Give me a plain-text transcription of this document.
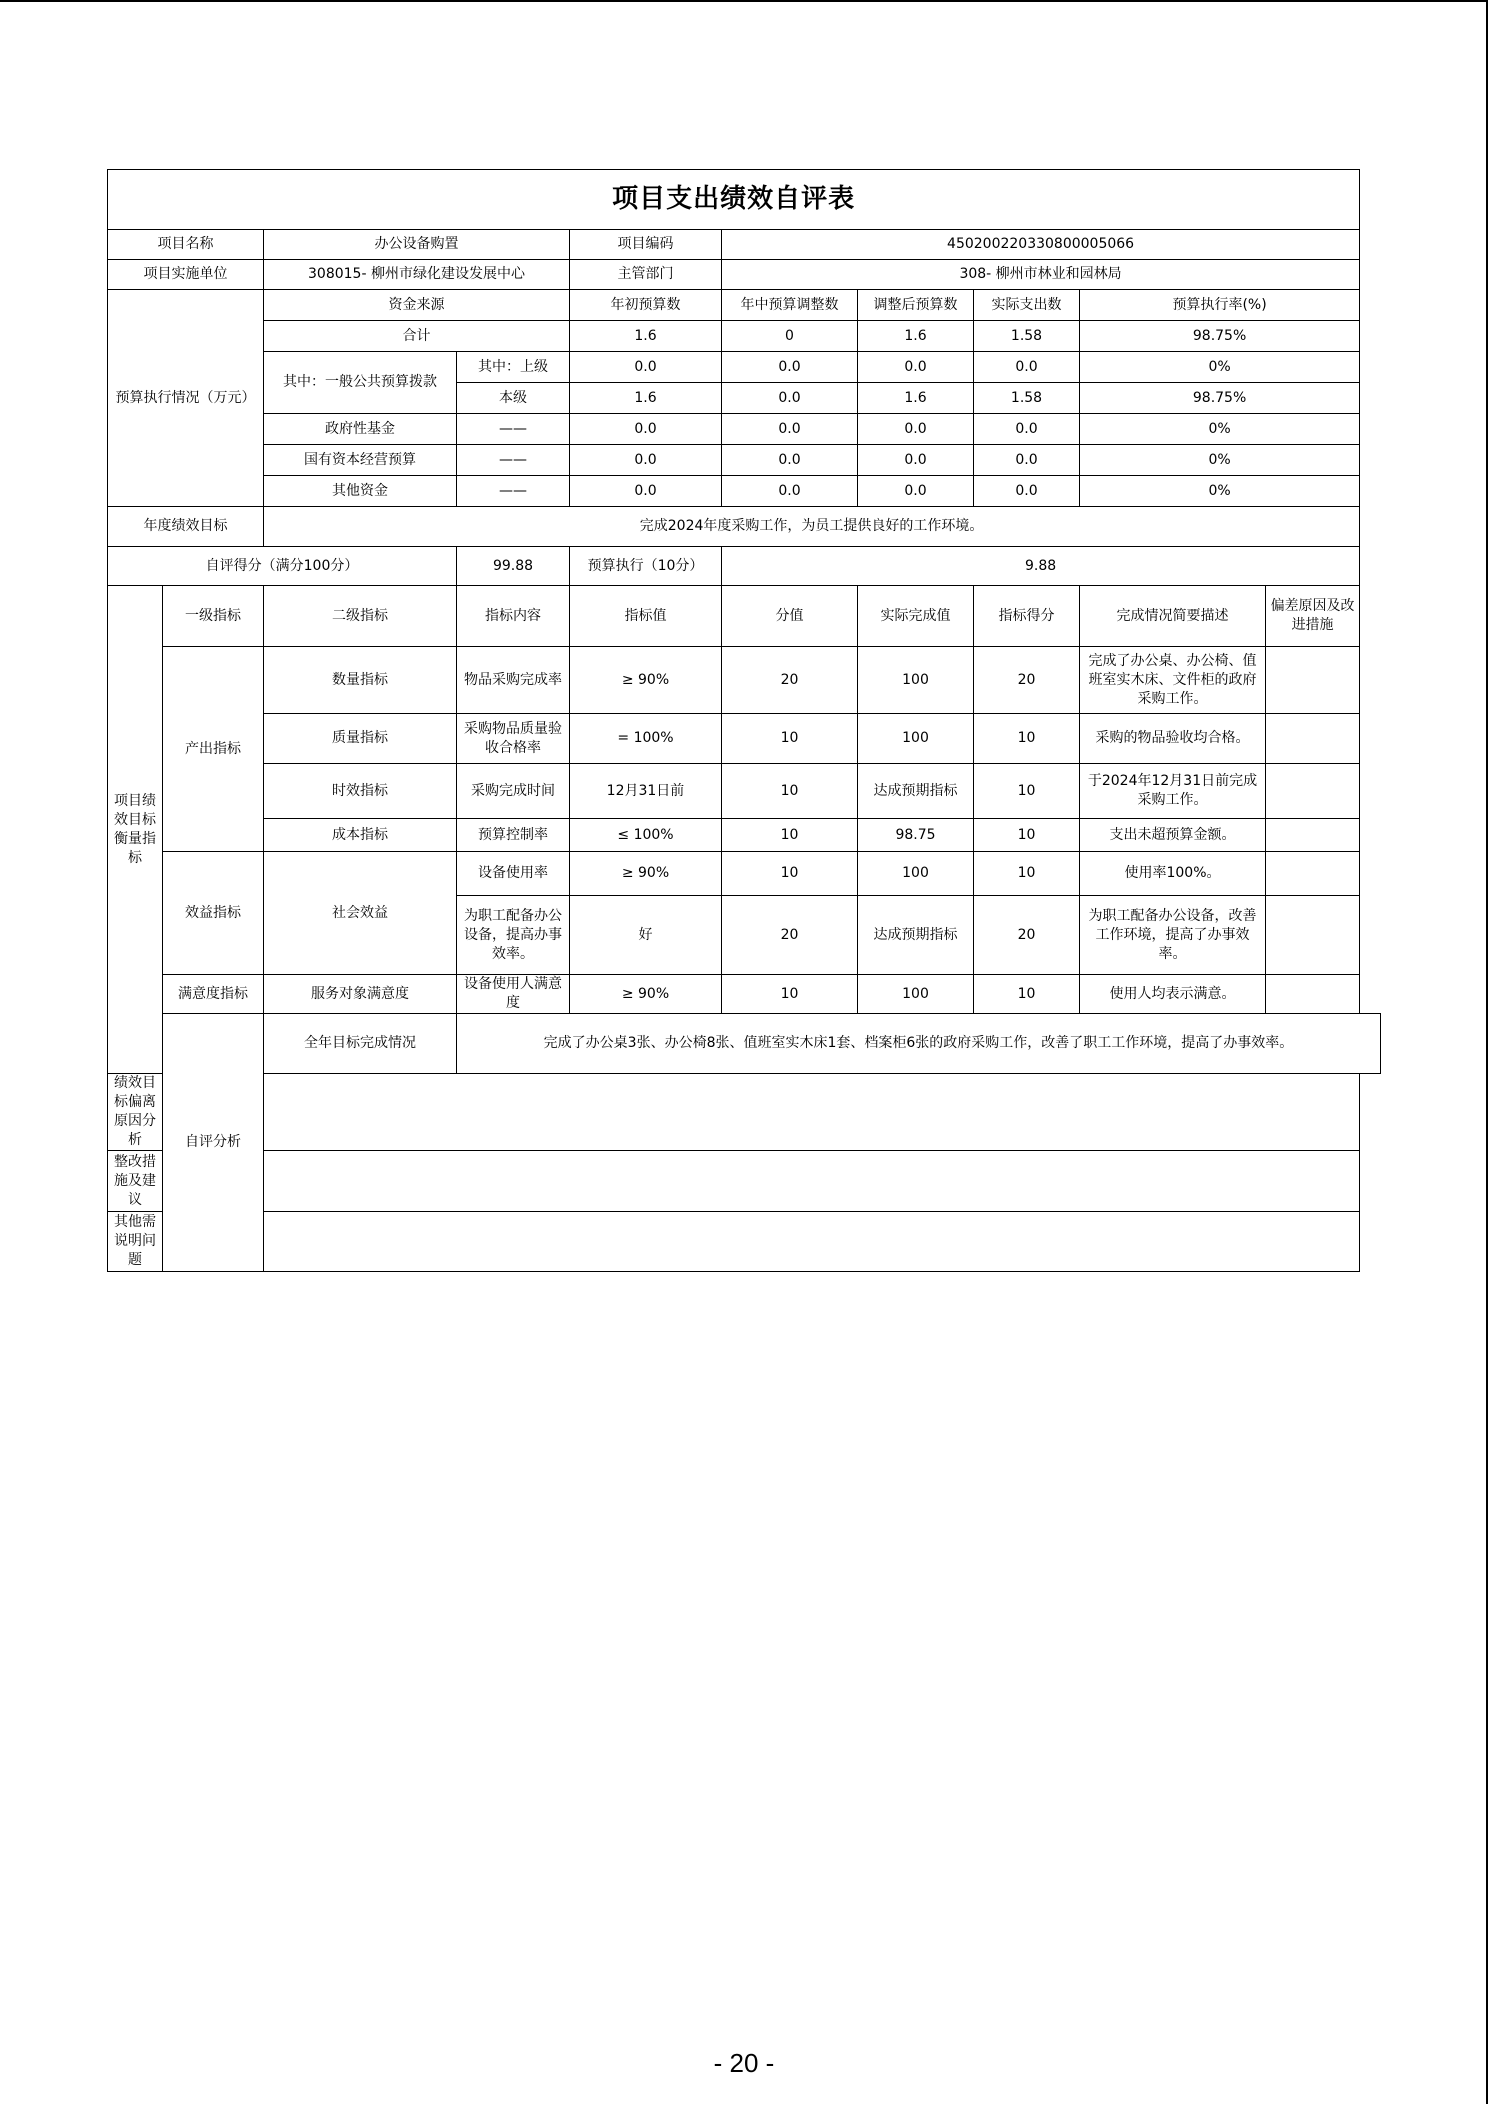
项目支出绩效自评表									
项目名称		办公设备购置		项目编码	450200220330800005066				
项目实施单位		308015- 柳州市绿化建设发展中心		主管部门	308- 柳州市林业和园林局				
预算执行情况（万元）		资金来源		年初预算数	年中预算调整数	调整后预算数	实际支出数	预算执行率(%)	
		合计		1.6	0	1.6	1.58	98.75%	
		其中：一般公共预算拨款	其中：上级	0.0	0.0	0.0	0.0	0%	
			本级	1.6	0.0	1.6	1.58	98.75%	
		政府性基金	——	0.0	0.0	0.0	0.0	0%	
		国有资本经营预算	——	0.0	0.0	0.0	0.0	0%	
		其他资金	——	0.0	0.0	0.0	0.0	0%	
年度绩效目标		完成2024年度采购工作，为员工提供良好的工作环境。							
自评得分（满分100分）			99.88	预算执行（10分）	9.88				
项目绩效目标衡量指标	一级指标	二级指标	指标内容	指标值	分值	实际完成值	指标得分	完成情况简要描述	偏差原因及改进措施
	产出指标	数量指标	物品采购完成率	≥ 90%	20	100	20	完成了办公桌、办公椅、值班室实木床、文件柜的政府采购工作。	
		质量指标	采购物品质量验收合格率	= 100%	10	100	10	采购的物品验收均合格。	
		时效指标	采购完成时间	12月31日前	10	达成预期指标	10	于2024年12月31日前完成采购工作。	
		成本指标	预算控制率	≤ 100%	10	98.75	10	支出未超预算金额。	
	效益指标	社会效益	设备使用率	≥ 90%	10	100	10	使用率100%。	
			为职工配备办公设备，提高办事效率。	好	20	达成预期指标	20	为职工配备办公设备，改善工作环境，提高了办事效率。	
	满意度指标	服务对象满意度	设备使用人满意度	≥ 90%	10	100	10	使用人均表示满意。	
	自评分析	全年目标完成情况	完成了办公桌3张、办公椅8张、值班室实木床1套、档案柜6张的政府采购工作，改善了职工工作环境，提高了办事效率。						
绩效目标偏离原因分析									
整改措施及建议									
其他需说明问题									
- 20 -
